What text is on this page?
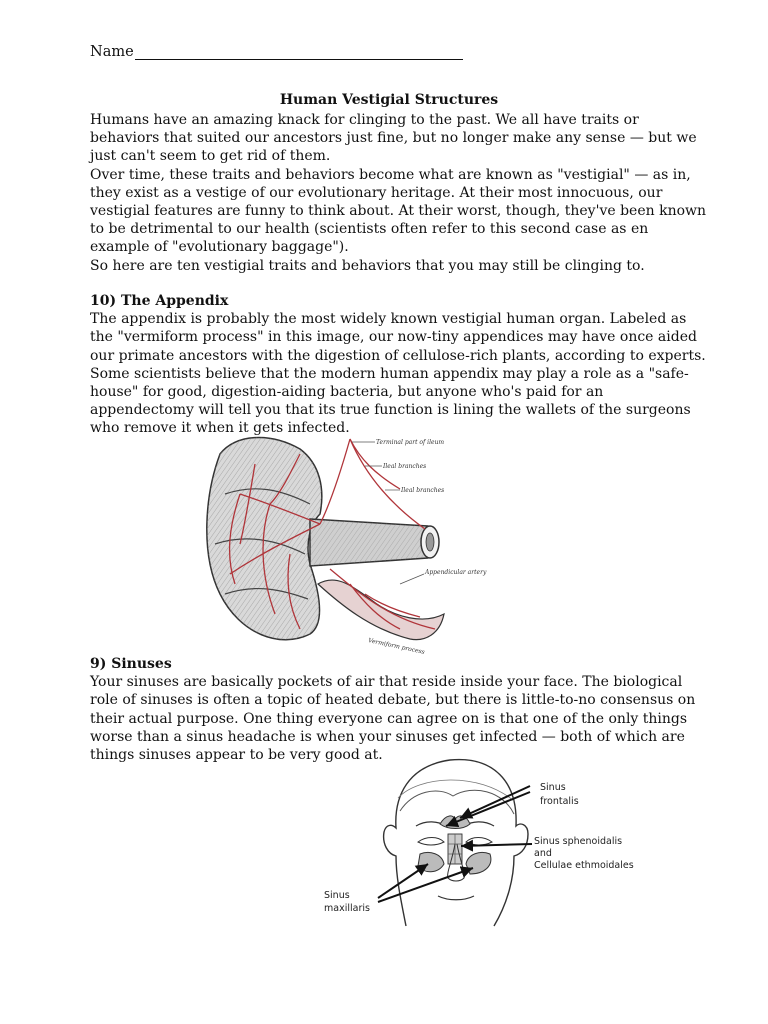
Name
Human Vestigial Structures

Humans have an amazing knack for clinging to the past. We all have traits or behaviors that suited our ancestors just fine, but no longer make any sense — but we just can't seem to get rid of them.

Over time, these traits and behaviors become what are known as "vestigial" — as in, they exist as a vestige of our evolutionary heritage. At their most innocuous, our vestigial features are funny to think about. At their worst, though, they've been known to be detrimental to our health (scientists often refer to this second case as en example of "evolutionary baggage").

So here are ten vestigial traits and behaviors that you may still be clinging to.

10) The Appendix

The appendix is probably the most widely known vestigial human organ. Labeled as the "vermiform process" in this image, our now-tiny appendices may have once aided our primate ancestors with the digestion of cellulose-rich plants, according to experts. Some scientists believe that the modern human appendix may play a role as a "safe-house" for good, digestion-aiding bacteria, but anyone who's paid for an appendectomy will tell you that its true function is lining the wallets of the surgeons who remove it when it gets infected.

Terminal part of ileum
Ileal branches
Ileal branches
Appendicular artery
Vermiform process

9) Sinuses

Your sinuses are basically pockets of air that reside inside your face. The biological role of sinuses is often a topic of heated debate, but there is little-to-no consensus on their actual purpose. One thing everyone can agree on is that one of the only things worse than a sinus headache is when your sinuses get infected — both of which are things sinuses appear to be very good at.

Sinus
frontalis
Sinus sphenoidalis
and
Cellulae ethmoidales
Sinus
maxillaris
